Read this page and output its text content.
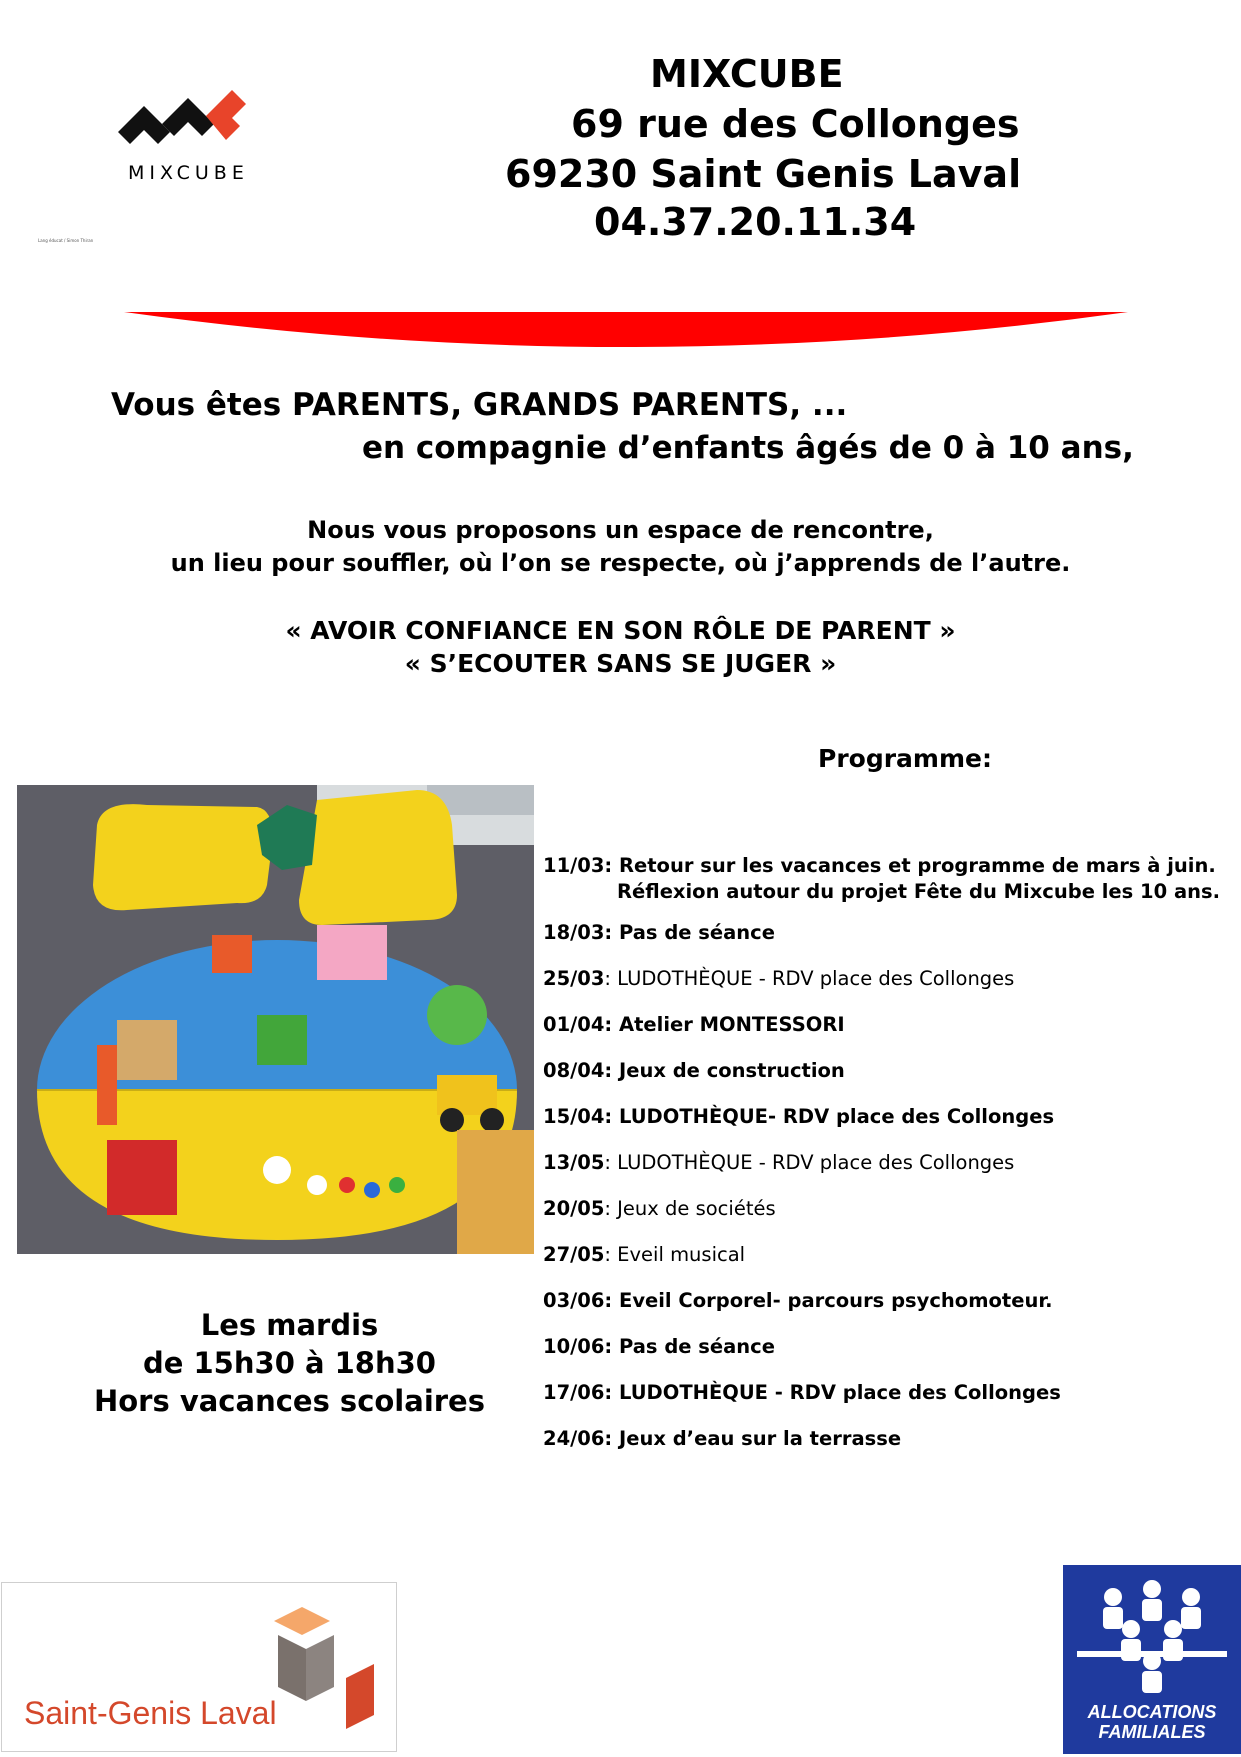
MIXCUBE
Lang éducat / Simon Thiran
MIXCUBE
69 rue des Collonges
69230 Saint Genis Laval
04.37.20.11.34
Vous êtes PARENTS, GRANDS PARENTS, ...
en compagnie d’enfants âgés de 0 à 10 ans,
Nous vous proposons un espace de rencontre,
un lieu pour souffler, où l’on se respecte, où j’apprends de l’autre.
« AVOIR CONFIANCE EN SON RÔLE DE PARENT »
« S’ECOUTER SANS SE JUGER »
Programme:
Les mardis
de 15h30 à 18h30
Hors vacances scolaires
11/03: Retour sur les vacances et programme de mars à juin.
Réflexion autour du projet Fête du Mixcube les 10 ans.
18/03: Pas de séance
25/03: LUDOTHÈQUE - RDV place des Collonges
01/04: Atelier MONTESSORI
08/04: Jeux de construction
15/04: LUDOTHÈQUE- RDV place des Collonges
13/05: LUDOTHÈQUE - RDV place des Collonges
20/05: Jeux de sociétés
27/05: Eveil musical
03/06: Eveil Corporel- parcours psychomoteur.
10/06: Pas de séance
17/06: LUDOTHÈQUE - RDV place des Collonges
24/06: Jeux d’eau sur la terrasse
Saint-Genis Laval	ALLOCATIONS
FAMILIALES
